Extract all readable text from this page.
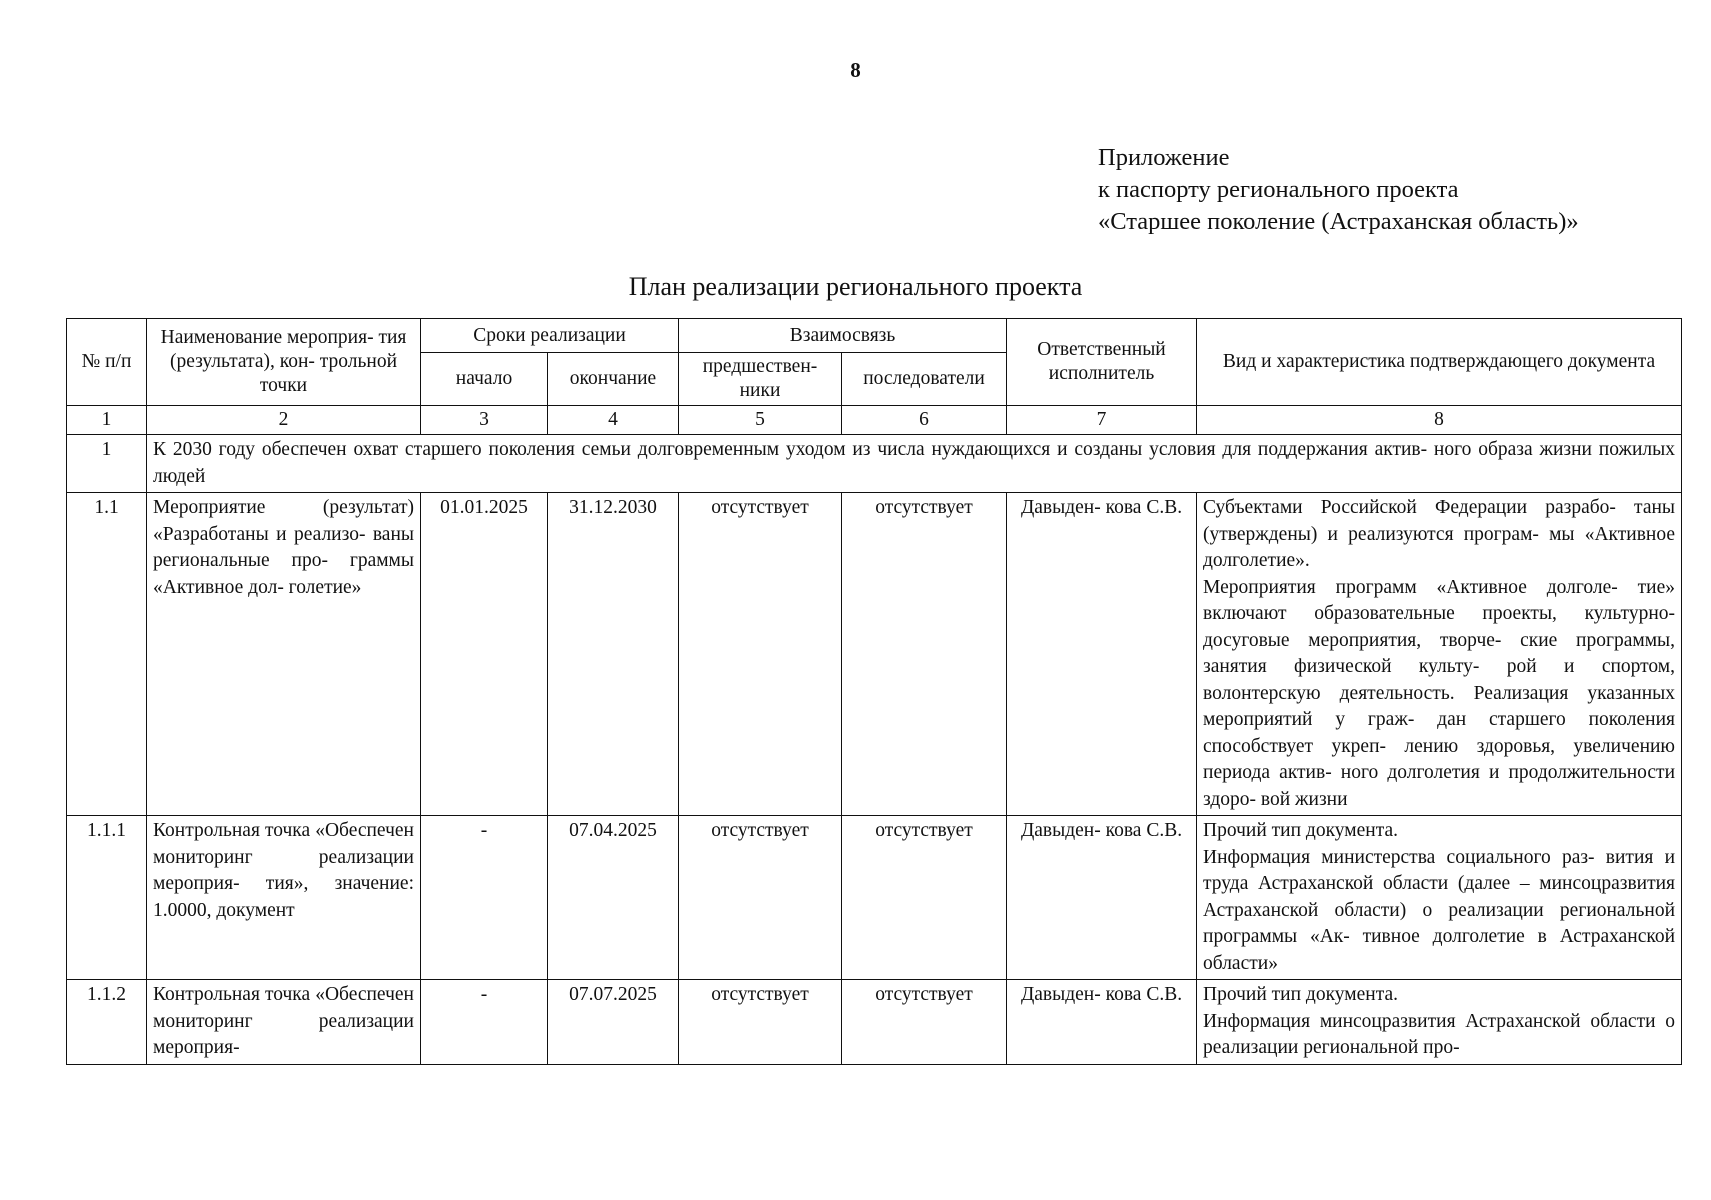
8
Приложение
к паспорту регионального проекта
«Старшее поколение (Астраханская область)»
План реализации регионального проекта
№ п/п	Наименование мероприя- тия (результата), кон- трольной точки	Сроки реализации		Взаимосвязь		Ответственный исполнитель	Вид и характеристика подтверждающего документа
		начало	окончание	предшествен- ники	последователи		
1	2	3	4	5	6	7	8
1	К 2030 году обеспечен охват старшего поколения семьи долговременным уходом из числа нуждающихся и созданы условия для поддержания актив- ного образа жизни пожилых людей						
1.1	Мероприятие (результат) «Разработаны и реализо- ваны региональные про- граммы «Активное дол- голетие»	01.01.2025	31.12.2030	отсутствует	отсутствует	Давыден- кова С.В.	Субъектами Российской Федерации разрабо- таны (утверждены) и реализуются програм- мы «Активное долголетие».
Мероприятия программ «Активное долголе- тие» включают образовательные проекты, культурно-досуговые мероприятия, творче- ские программы, занятия физической культу- рой и спортом, волонтерскую деятельность. Реализация указанных мероприятий у граж- дан старшего поколения способствует укреп- лению здоровья, увеличению периода актив- ного долголетия и продолжительности здоро- вой жизни

1.1.1	Контрольная точка «Обеспечен мониторинг реализации мероприя- тия», значение: 1.0000, документ	-	07.04.2025	отсутствует	отсутствует	Давыден- кова С.В.	Прочий тип документа.
Информация министерства социального раз- вития и труда Астраханской области (далее – минсоцразвития Астраханской области) о реализации региональной программы «Ак- тивное долголетие в Астраханской области»

1.1.2	Контрольная точка «Обеспечен мониторинг реализации мероприя-	-	07.07.2025	отсутствует	отсутствует	Давыден- кова С.В.	Прочий тип документа.
Информация минсоцразвития Астраханской области о реализации региональной про-
